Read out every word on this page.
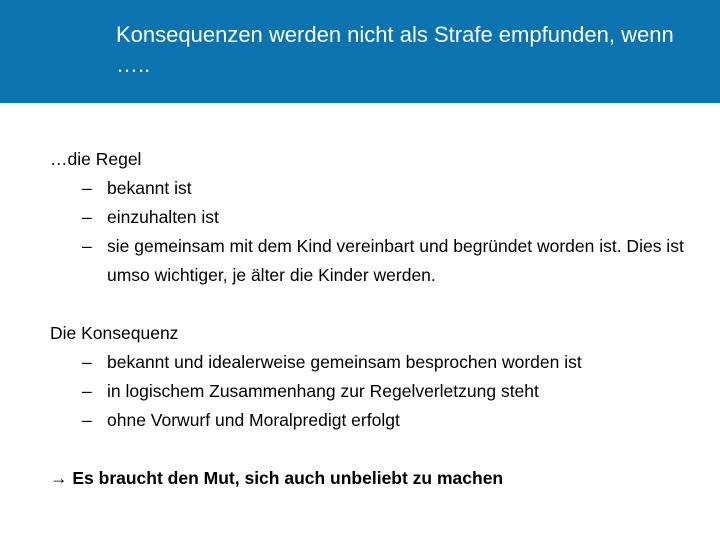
Konsequenzen werden nicht als Strafe empfunden, wenn …..

…die Regel

– bekannt ist
– einzuhalten ist
– sie gemeinsam mit dem Kind vereinbart und begründet worden ist. Dies ist umso wichtiger, je älter die Kinder werden.

Die Konsequenz

– bekannt und idealerweise gemeinsam besprochen worden ist
– in logischem Zusammenhang zur Regelverletzung steht
– ohne Vorwurf und Moralpredigt erfolgt

→ Es braucht den Mut, sich auch unbeliebt zu machen
